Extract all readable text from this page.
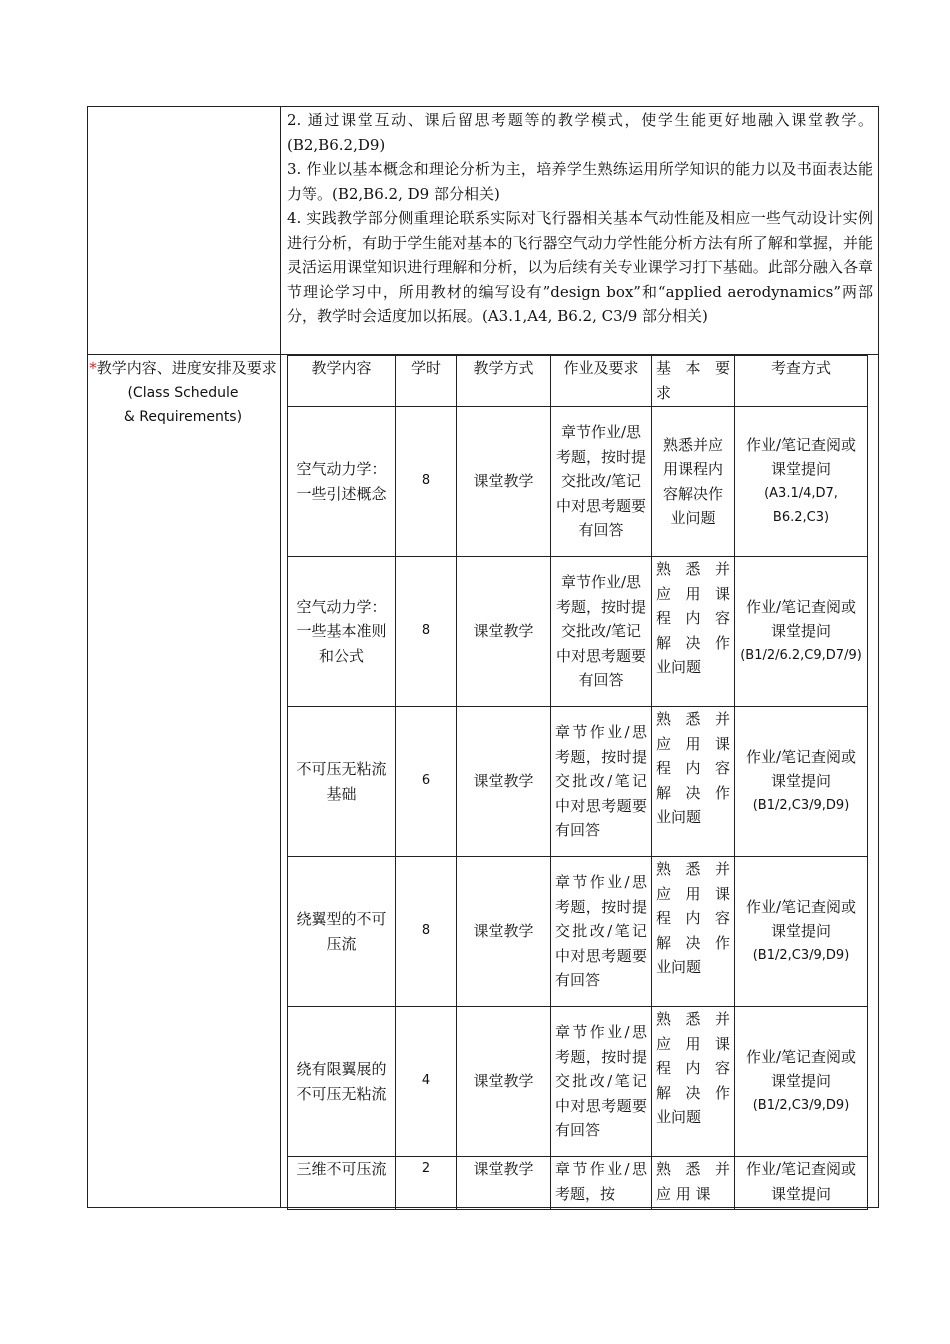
2. 通过课堂互动、课后留思考题等的教学模式，使学生能更好地融入课堂教学。(B2,B6.2,D9)

3. 作业以基本概念和理论分析为主，培养学生熟练运用所学知识的能力以及书面表达能力等。(B2,B6.2, D9 部分相关)

4. 实践教学部分侧重理论联系实际对飞行器相关基本气动性能及相应一些气动设计实例进行分析，有助于学生能对基本的飞行器空气动力学性能分析方法有所了解和掌握，并能灵活运用课堂知识进行理解和分析，以为后续有关专业课学习打下基础。此部分融入各章节理论学习中，所用教材的编写设有”design box”和“applied aerodynamics”两部分，教学时会适度加以拓展。(A3.1,A4, B6.2, C3/9 部分相关)

*教学内容、进度安排及要求
(Class Schedule
& Requirements)
教学内容	学时	教学方式	作业及要求	基 本 要 求	考查方式
空气动力学：一些引述概念	8	课堂教学	章节作业/思考题，按时提交批改/笔记中对思考题要有回答	熟悉并应用课程内容解决作业问题	作业/笔记查阅或课堂提问
(A3.1/4,D7, B6.2,C3)

空气动力学：一些基本准则和公式	8	课堂教学	章节作业/思考题，按时提交批改/笔记中对思考题要有回答	熟 悉 并 应 用 课 程 内 容 解 决 作 业问题	作业/笔记查阅或课堂提问
(B1/2/6.2,C9,D7/9)

不可压无粘流基础	6	课堂教学	章节作业/思考题，按时提交批改/笔记中对思考题要有回答	熟 悉 并 应 用 课 程 内 容 解 决 作 业问题	作业/笔记查阅或课堂提问
(B1/2,C3/9,D9)

绕翼型的不可压流	8	课堂教学	章节作业/思考题，按时提交批改/笔记中对思考题要有回答	熟 悉 并 应 用 课 程 内 容 解 决 作 业问题	作业/笔记查阅或课堂提问
(B1/2,C3/9,D9)

绕有限翼展的不可压无粘流	4	课堂教学	章节作业/思考题，按时提交批改/笔记中对思考题要有回答	熟 悉 并 应 用 课 程 内 容 解 决 作 业问题	作业/笔记查阅或课堂提问
(B1/2,C3/9,D9)

三维不可压流	2	课堂教学	章节作业/思考题，按	熟 悉 并 应 用 课	作业/笔记查阅或课堂提问
